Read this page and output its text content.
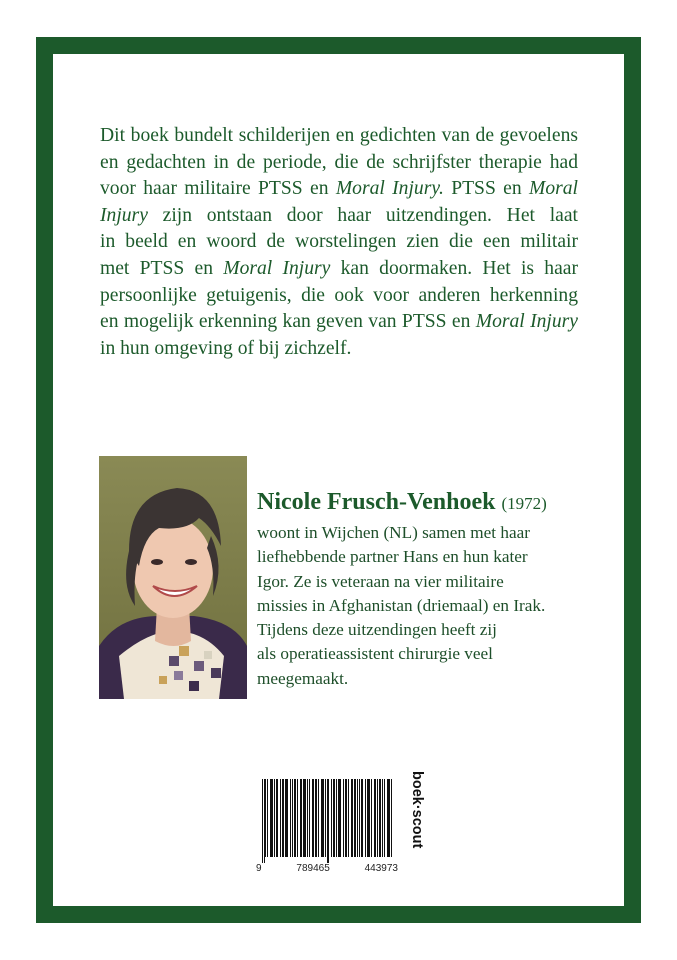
Dit boek bundelt schilderijen en gedichten van de gevoelens
en gedachten in de periode, die de schrijfster therapie had
voor haar militaire PTSS en Moral Injury. PTSS en Moral
Injury zijn ontstaan door haar uitzendingen. Het laat
in beeld en woord de worstelingen zien die een militair
met PTSS en Moral Injury kan doormaken. Het is haar
persoonlijke getuigenis, die ook voor anderen herkenning
en mogelijk erkenning kan geven van PTSS en Moral Injury
in hun omgeving of bij zichzelf.

Nicole Frusch-Venhoek (1972)

woont in Wijchen (NL) samen met haar
liefhebbende partner Hans en hun kater
Igor. Ze is veteraan na vier militaire
missies in Afghanistan (driemaal) en Irak.
Tijdens deze uitzendingen heeft zij
als operatieassistent chirurgie veel
meegemaakt.

9	789465	443973
boek·scout
